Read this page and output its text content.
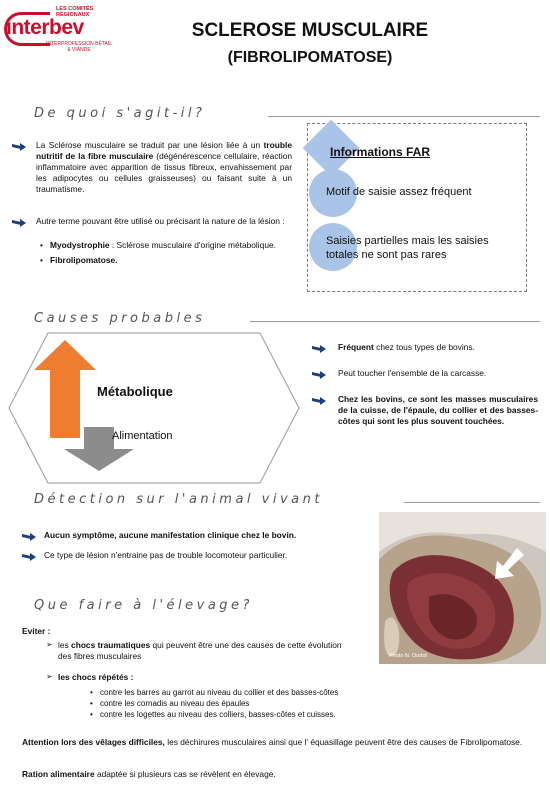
LES COMITÉS RÉGIONAUX
interbev
INTERPROFESSION BÉTAIL & VIANDE
SCLEROSE MUSCULAIRE
(FIBROLIPOMATOSE)
De quoi s'agit-il?
La Sclérose musculaire se traduit par une lésion liée à un trouble nutritif de la fibre musculaire (dégénérescence cellulaire, réaction inflammatoire avec apparition de tissus fibreux, envahissement par les adipocytes ou cellules graisseuses) ou faisant suite à un traumatisme.
Autre terme pouvant être utilisé ou précisant la nature de la lésion :
• Myodystrophie : Sclérose musculaire d'origine métabolique.
• Fibrolipomatose.
Informations FAR
Motif de saisie assez fréquent
Saisies partielles mais les saisies totales ne sont pas rares
Causes probables
Métabolique
Alimentation
Fréquent chez tous types de bovins.
Peut toucher l'ensemble de la carcasse.
Chez les bovins, ce sont les masses musculaires de la cuisse, de l'épaule, du collier et des basses-côtes qui sont les plus souvent touchées.
Détection sur l'animal vivant
Aucun symptôme, aucune manifestation clinique chez le bovin.
Ce type de lésion n'entraine pas de trouble locomoteur particulier.
Photo N. Oudot
Que faire à l'élevage?
Eviter :
➢ les chocs traumatiques qui peuvent être une des causes de cette évolution des fibres musculaires
➢ les chocs répétés :
• contre les barres au garrot au niveau du collier et des basses-côtes
• contre les cornadis au niveau des épaules
• contre les logettes au niveau des colliers, basses-côtes et cuisses.
Attention lors des vêlages difficiles, les déchirures musculaires ainsi que l' équasillage peuvent être des causes de Fibrolipomatose.
Ration alimentaire adaptée si plusieurs cas se révèlent en élevage.
